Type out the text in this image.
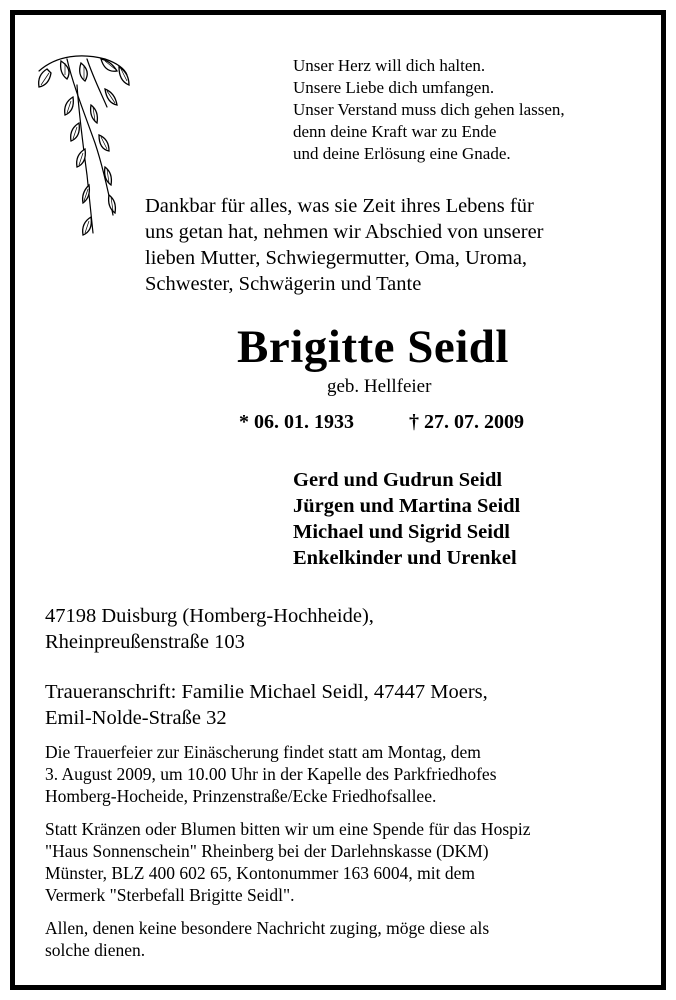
Unser Herz will dich halten.
Unsere Liebe dich umfangen.
Unser Verstand muss dich gehen lassen,
denn deine Kraft war zu Ende
und deine Erlösung eine Gnade.
Dankbar für alles, was sie Zeit ihres Lebens für
uns getan hat, nehmen wir Abschied von unserer
lieben Mutter, Schwiegermutter, Oma, Uroma,
Schwester, Schwägerin und Tante
Brigitte Seidl
geb. Hellfeier
* 06. 01. 1933	† 27. 07. 2009
Gerd und Gudrun Seidl
Jürgen und Martina Seidl
Michael und Sigrid Seidl
Enkelkinder und Urenkel
47198 Duisburg (Homberg-Hochheide),
Rheinpreußenstraße 103
Traueranschrift: Familie Michael Seidl, 47447 Moers,
Emil-Nolde-Straße 32
Die Trauerfeier zur Einäscherung findet statt am Montag, dem
3. August 2009, um 10.00 Uhr in der Kapelle des Parkfriedhofes
Homberg-Hocheide, Prinzenstraße/Ecke Friedhofsallee.
Statt Kränzen oder Blumen bitten wir um eine Spende für das Hospiz
"Haus Sonnenschein" Rheinberg bei der Darlehnskasse (DKM)
Münster, BLZ 400 602 65, Kontonummer 163 6004, mit dem
Vermerk "Sterbefall Brigitte Seidl".
Allen, denen keine besondere Nachricht zuging, möge diese als
solche dienen.
